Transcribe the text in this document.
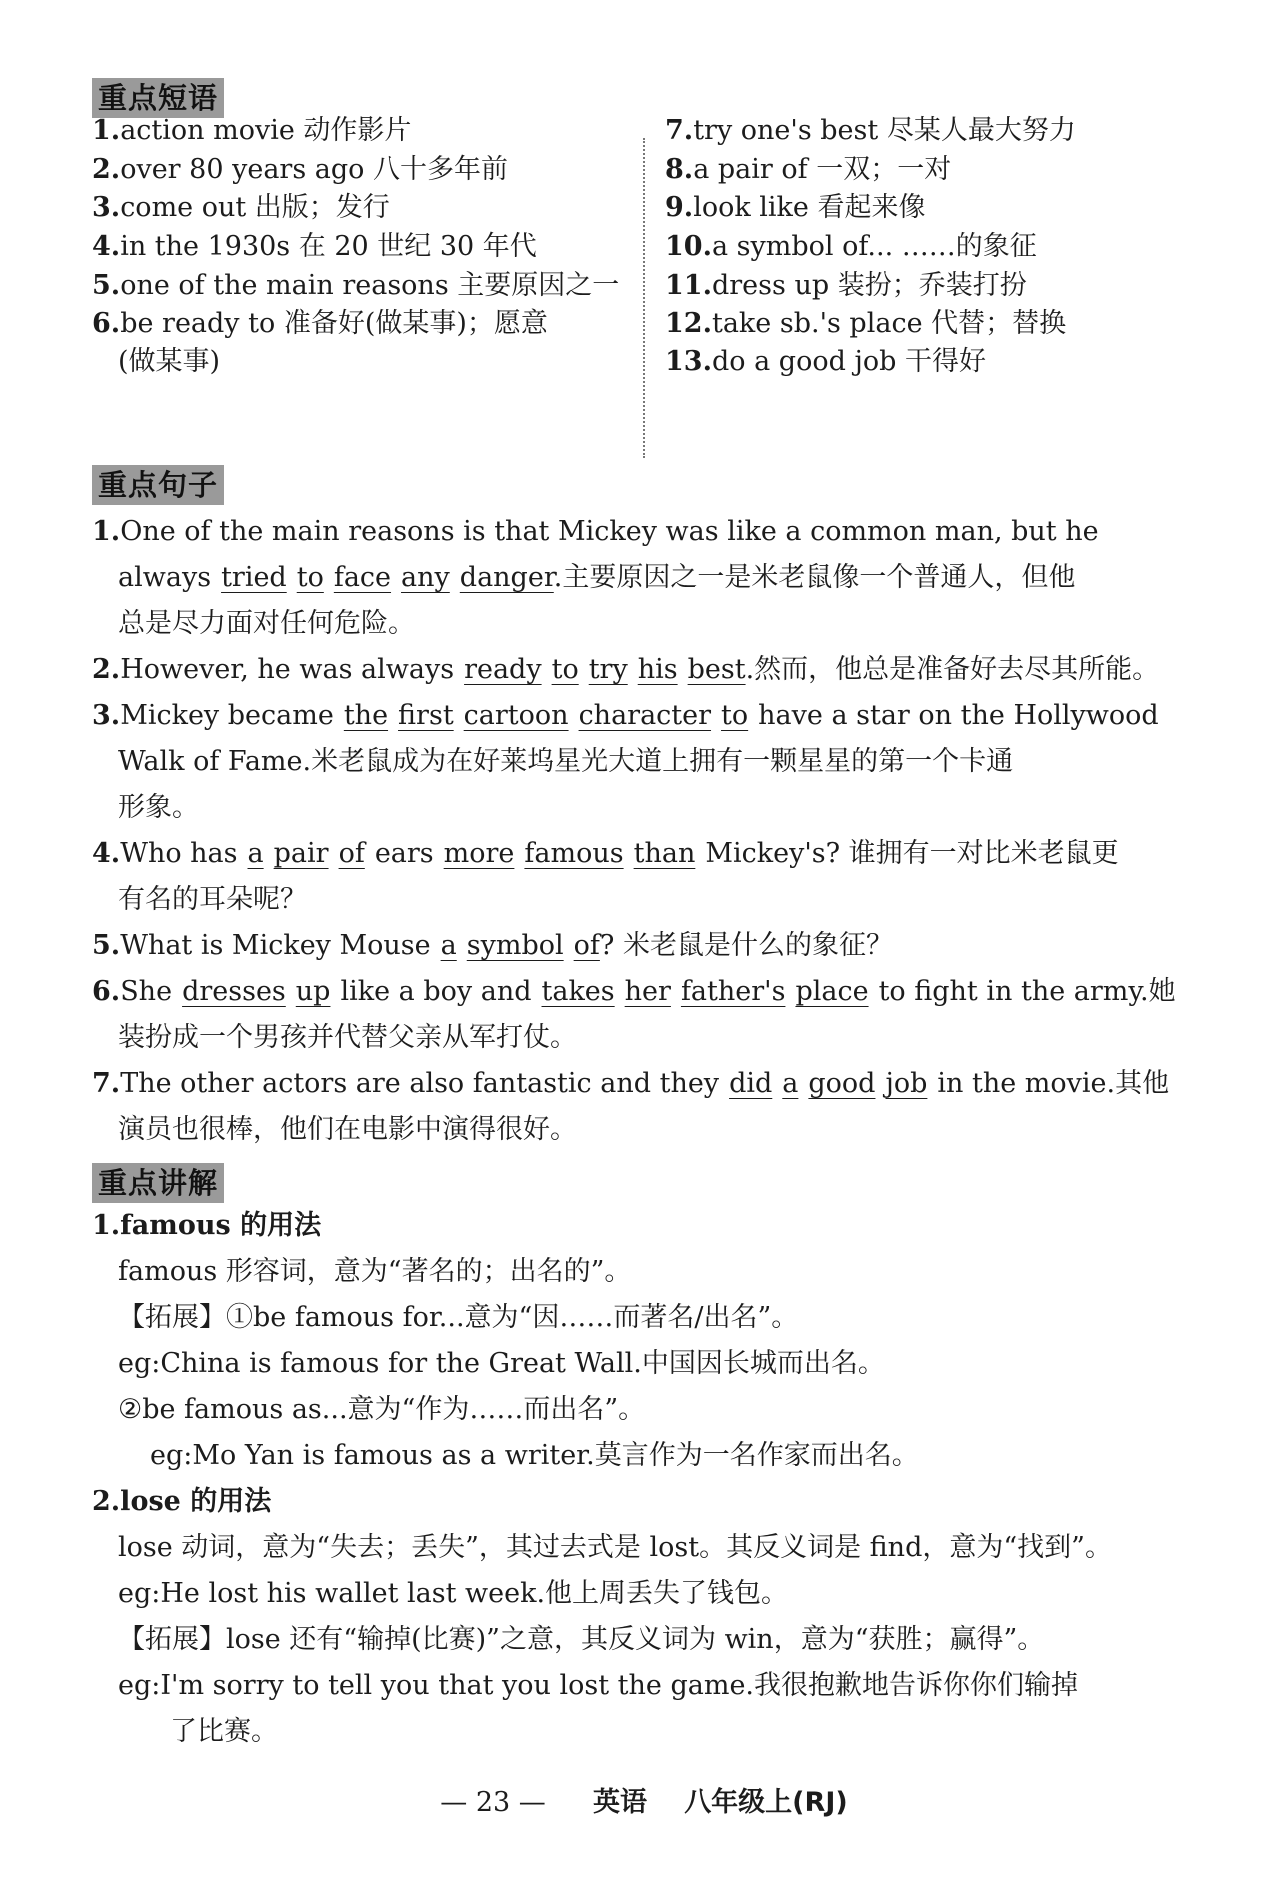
重点短语
1.action movie 动作影片
2.over 80 years ago 八十多年前
3.come out 出版；发行
4.in the 1930s 在 20 世纪 30 年代
5.one of the main reasons 主要原因之一
6.be ready to 准备好(做某事)；愿意
(做某事)
7.try one's best 尽某人最大努力
8.a pair of 一双；一对
9.look like 看起来像
10.a symbol of... ……的象征
11.dress up 装扮；乔装打扮
12.take sb.'s place 代替；替换
13.do a good job 干得好
重点句子
1.One of the main reasons is that Mickey was like a common man, but he
always tried to face any danger.主要原因之一是米老鼠像一个普通人，但他
总是尽力面对任何危险。
2.However, he was always ready to try his best.然而，他总是准备好去尽其所能。
3.Mickey became the first cartoon character to have a star on the Hollywood
Walk of Fame.米老鼠成为在好莱坞星光大道上拥有一颗星星的第一个卡通
形象。
4.Who has a pair of ears more famous than Mickey's? 谁拥有一对比米老鼠更
有名的耳朵呢？
5.What is Mickey Mouse a symbol of? 米老鼠是什么的象征？
6.She dresses up like a boy and takes her father's place to fight in the army.她
装扮成一个男孩并代替父亲从军打仗。
7.The other actors are also fantastic and they did a good job in the movie.其他
演员也很棒，他们在电影中演得很好。
重点讲解
1.famous 的用法
famous 形容词，意为“著名的；出名的”。
【拓展】①be famous for...意为“因……而著名/出名”。
eg:China is famous for the Great Wall.中国因长城而出名。
②be famous as...意为“作为……而出名”。
eg:Mo Yan is famous as a writer.莫言作为一名作家而出名。
2.lose 的用法
lose 动词，意为“失去；丢失”，其过去式是 lost。其反义词是 find，意为“找到”。
eg:He lost his wallet last week.他上周丢失了钱包。
【拓展】lose 还有“输掉(比赛)”之意，其反义词为 win，意为“获胜；赢得”。
eg:I'm sorry to tell you that you lost the game.我很抱歉地告诉你你们输掉
了比赛。
— 23 — 英语 八年级上(RJ)
